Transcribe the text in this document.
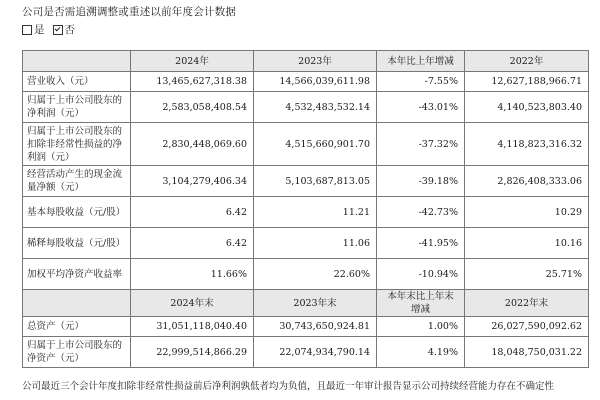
公司是否需追溯调整或重述以前年度会计数据
是 否
	2024年	2023年	本年比上年增减	2022年
营业收入（元）	13,465,627,318.38	14,566,039,611.98	-7.55%	12,627,188,966.71
归属于上市公司股东的净利润（元）	2,583,058,408.54	4,532,483,532.14	-43.01%	4,140,523,803.40
归属于上市公司股东的扣除非经常性损益的净利润（元）	2,830,448,069.60	4,515,660,901.70	-37.32%	4,118,823,316.32
经营活动产生的现金流量净额（元）	3,104,279,406.34	5,103,687,813.05	-39.18%	2,826,408,333.06
基本每股收益（元/股）	6.42	11.21	-42.73%	10.29
稀释每股收益（元/股）	6.42	11.06	-41.95%	10.16
加权平均净资产收益率	11.66%	22.60%	-10.94%	25.71%
	2024年末	2023年末	本年末比上年末增减	2022年末
总资产（元）	31,051,118,040.40	30,743,650,924.81	1.00%	26,027,590,092.62
归属于上市公司股东的净资产（元）	22,999,514,866.29	22,074,934,790.14	4.19%	18,048,750,031.22
公司最近三个会计年度扣除非经常性损益前后净利润孰低者均为负值，且最近一年审计报告显示公司持续经营能力存在不确定性
